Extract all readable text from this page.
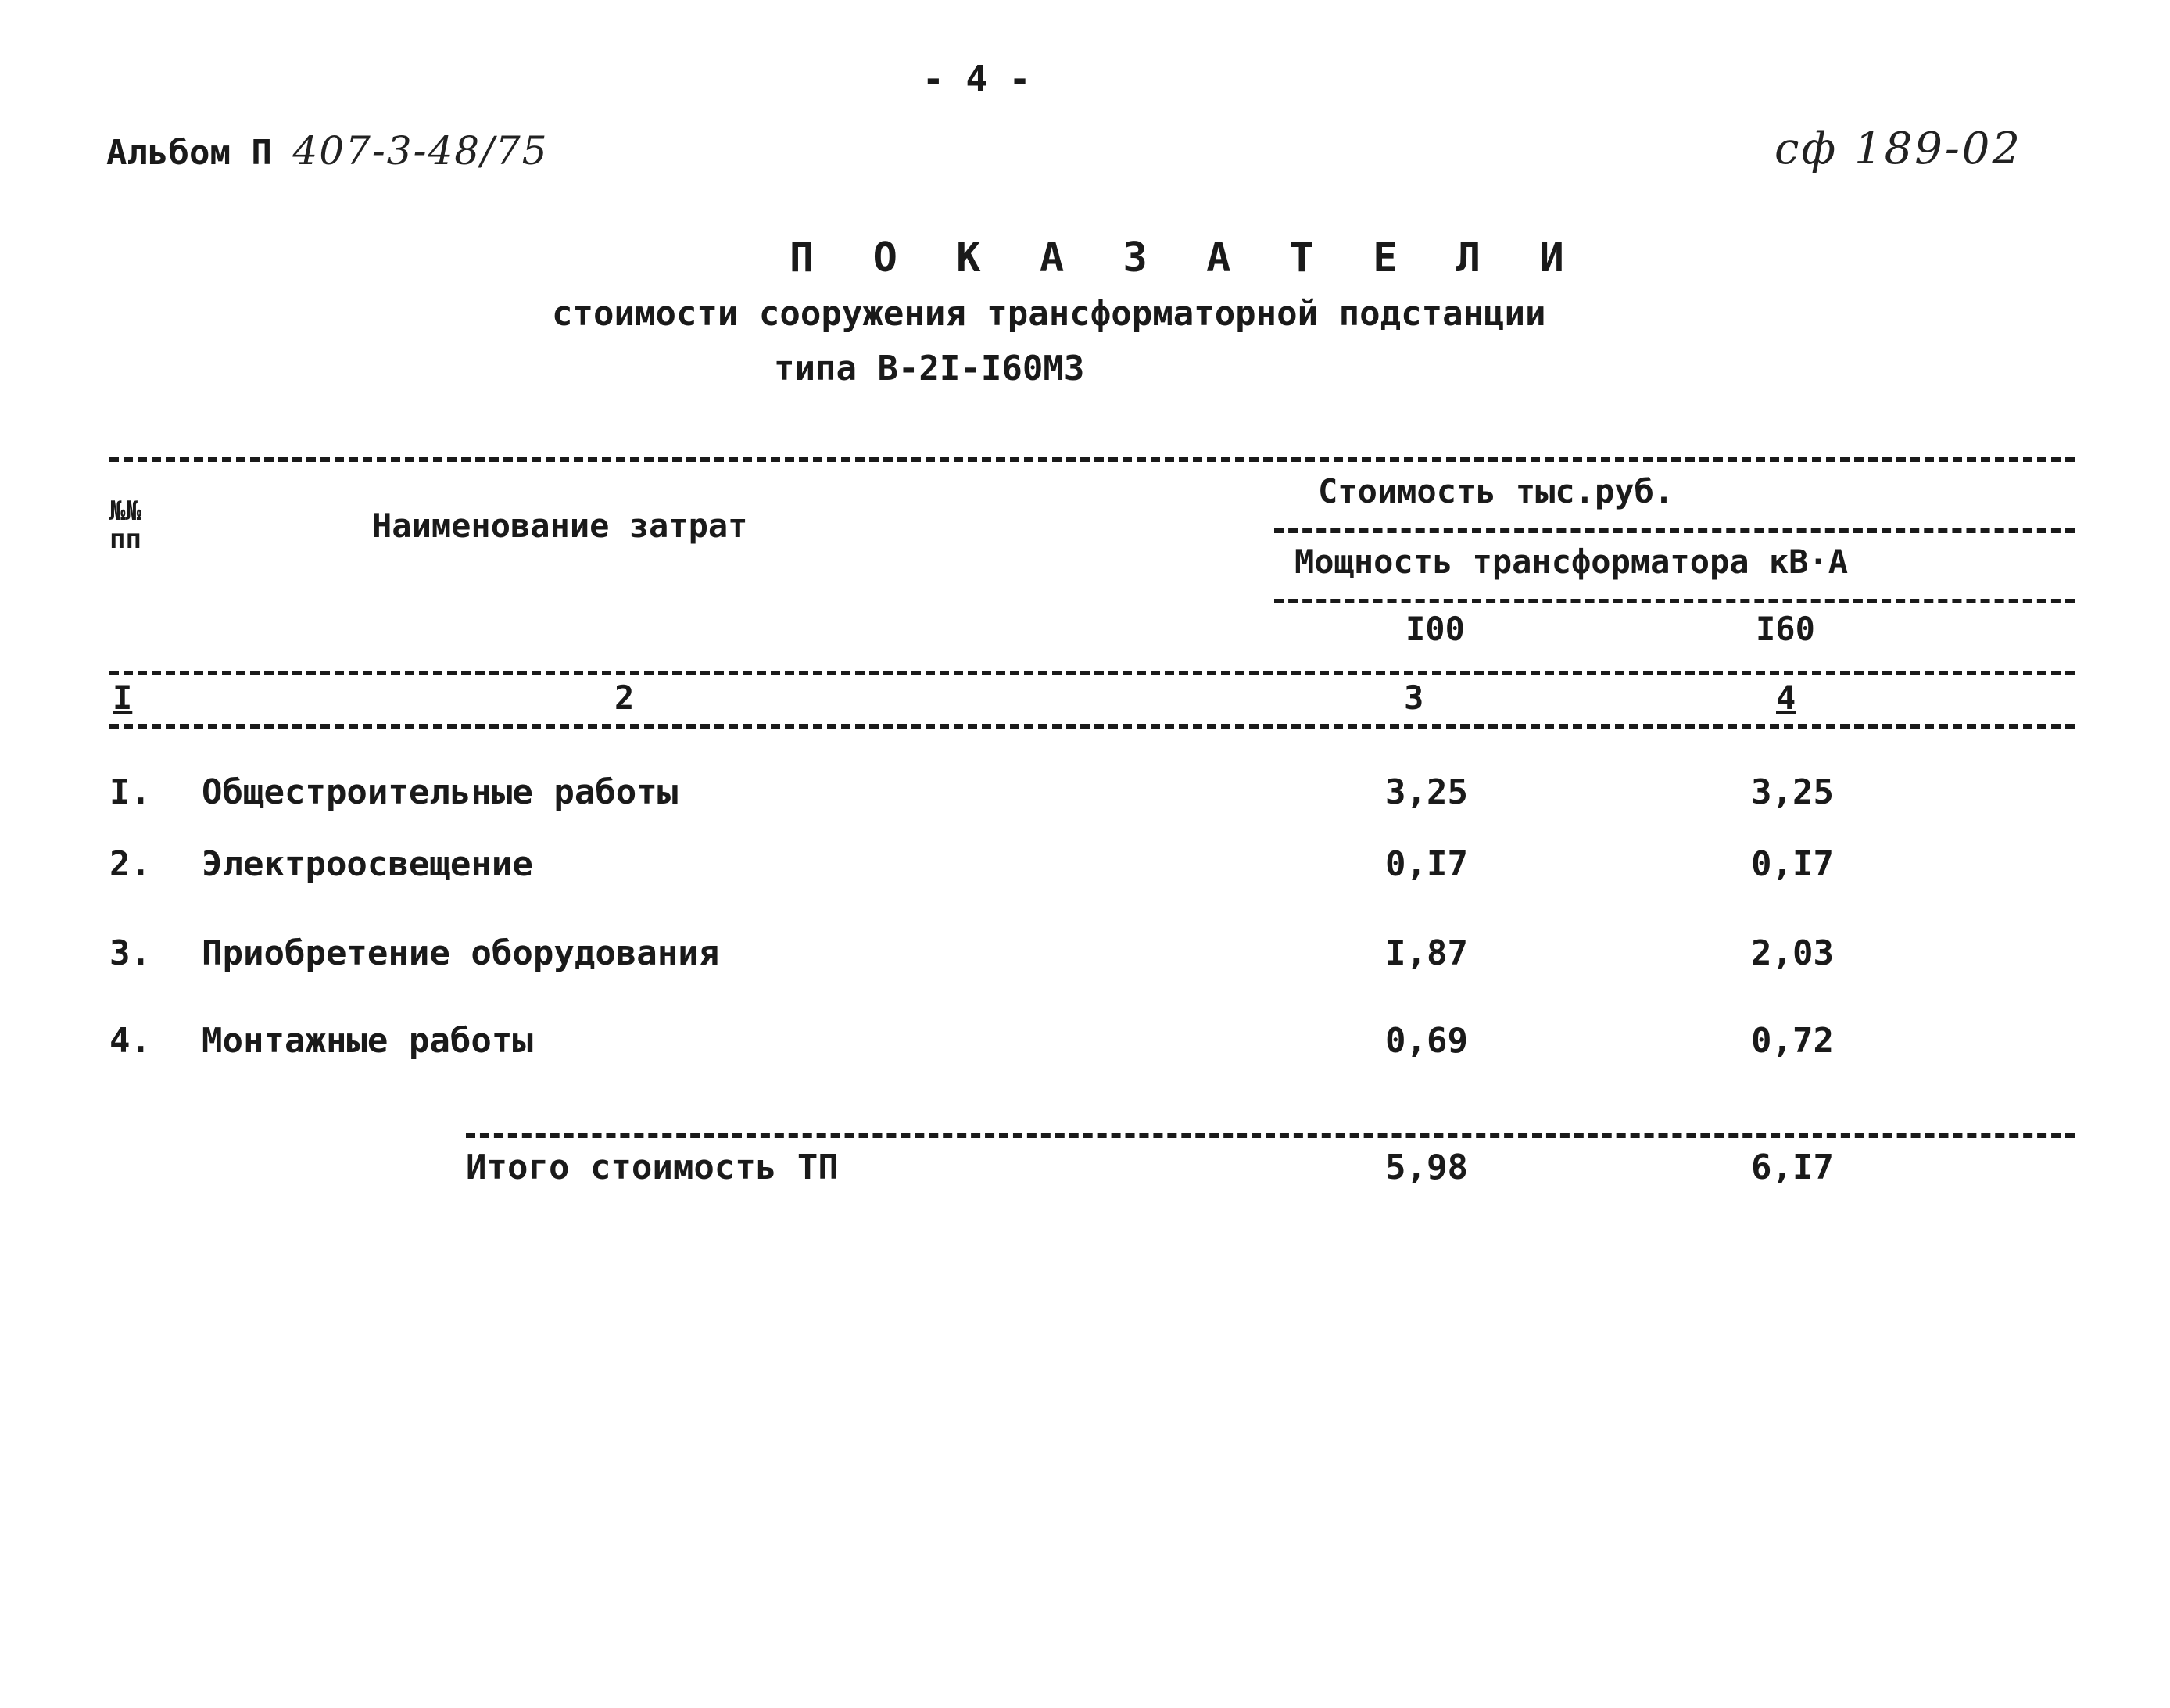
- 4 -
Альбом П 407-3-48/75	сф 189-02
П О К А З А Т Е Л И
стоимости сооружения трансформаторной подстанции
типа В-2I-I60МЗ
№№
пп	Наименование затрат
Стоимость тыс.руб.
Мощность трансформатора кВ·А
I00	I60
I	2	3	4
I. Общестроительные работы	3,25	3,25
2. Электроосвещение	0,I7	0,I7
3. Приобретение оборудования	I,87	2,03
4. Монтажные работы	0,69	0,72
Итого стоимость ТП	5,98	6,I7
